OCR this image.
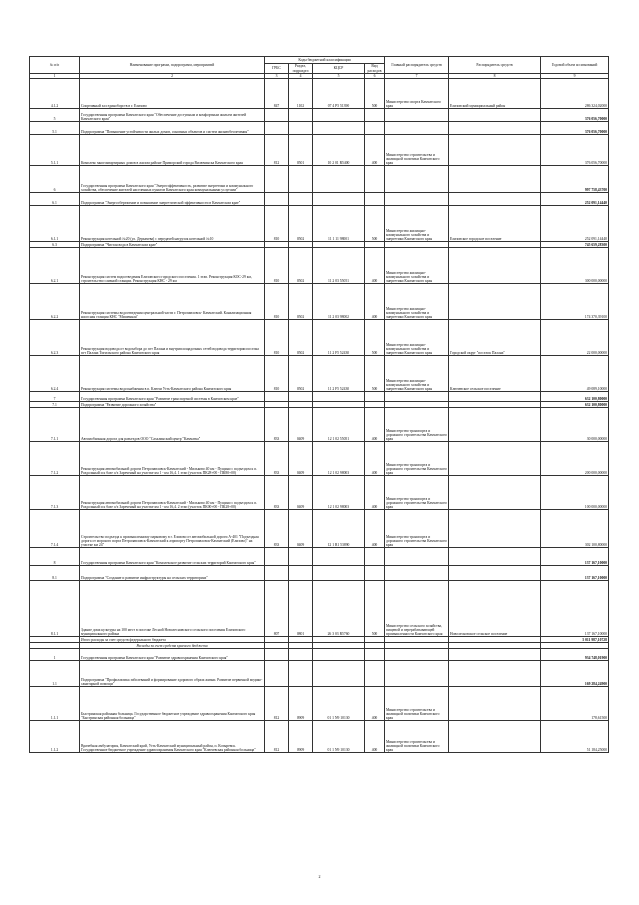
№ п/п	Наименование программ, подпрограмм, мероприятий	Коды бюджетной классификации				Главный распорядитель средств	Распорядитель средств	Годовой объем ассигнований
		ГРБС	Раздел, подраздел	КЦСР	Вид расходов			
1	2	3	4	5	6	7	8	9
4.1.2	Спортивный зал единоборств в г. Елизово	847	1102	07 4 P5 51390	500	Министерство спорта Камчатского края	Елизовский муниципальный район	286 324,02000
5	Государственная программа Камчатского края "Обеспечение доступным и комфортным жильем жителей Камчатского края"							376 056,70000
5.1	Подпрограмма "Повышение устойчивости жилых домов, основных объектов и систем жизнеобеспечения"							376 056,70000
5.1.1	Комплекс многоквартирных домов в жилом районе Приморский города Вилючинска Камчатского края	812	0501	10 2 01 R5400	400	Министерство строительства и жилищной политики Камчатского края		376 056,70000
6	Государственная программа Камчатского края "Энергоэффективность, развитие энергетики и коммунального хозяйства, обеспечение жителей населенных пунктов Камчатского края коммунальными услугами"							997 758,43700
6.1	Подпрограмма "Энергосбережение и повышение энергетической эффективности в Камчатском крае"							252 091,14440
6.1.1	Реконструкция котельной №20 (ул. Деркачева) с передачей нагрузок котельной №10	810	0502	11 1 11 98001	500	Министерство жилищно-коммунального хозяйства и энергетики Камчатского края	Елизовское городское поселение	252 091,14440
6.3	Подпрограмма "Чистая вода в Камчатском крае"							745 659,28300
6.2.1	Реконструкция систем водоотведения Елизовского городского поселения. 1 этап. Реконструкция КОС-29 км, строительство сливной станции. Реконструкция КНС - 29 км	810	0502	11 2 03 55051	400	Министерство жилищно-коммунального хозяйства и энергетики Камчатского края		300 000,00000
6.2.2	Реконструкция системы водоотведения центральной части г. Петропавловск- Камчатский. Канализационная насосная станция КНС "Мишенная"	810	0502	11 2 03 98002	400	Министерство жилищно-коммунального хозяйства и энергетики Камчатского края		174 370,39100
6.2.3	Реконструкция водовода от водозабора до пгт Палана и внутриплощадочных сетей водовода территории поселка пгт Палана Тигильского района Камчатского края	810	0502	11 2 F5 52430	500	Министерство жилищно-коммунального хозяйства и энергетики Камчатского края	Городской округ "поселок Палана"	22 000,00000
6.2.4	Реконструкция системы водоснабжения в п. Ключи Усть-Камчатского района Камчатского края	810	0502	11 2 F5 52430	500	Министерство жилищно-коммунального хозяйства и энергетики Камчатского края	Ключевское сельское поселение	49 089,10000
7	Государственная программа Камчатского края "Развитие транспортной системы в Камчатском крае"							632 100,80000
7.1	Подпрограмма "Развитие дорожного хозяйства"							632 100,80000
7.1.1	Автомобильная дорога для разъездов ООО "Сахалинский центр "Камчатка"	833	0409	12 1 02 55051	400	Министерство транспорта и дорожного строительства Камчатского края		30 000,00000
7.1.2	Реконструкция автомобильной дороги Петропавловск-Камчатский - Мильково 40 км - Пущино с подъездом к п. Раздольный и к базе о/х Зареченый на участке км 1 - км 16,4. 1 этап (участок ПК28+00 - ПК80+00)	833	0409	12 1 02 98003	400	Министерство транспорта и дорожного строительства Камчатского края		200 000,00000
7.1.3	Реконструкция автомобильной дороги Петропавловск-Камчатский - Мильково 40 км - Пущино с подъездом к п. Раздольный и к базе о/х Зареченый на участке км 1 - км 16,4. 2 этап (участок ПК00+00 - ПК28+00)	833	0409	12 1 02 98003	400	Министерство транспорта и дорожного строительства Камчатского края		100 000,00000
7.1.4	Строительство подъезда к промышленному парковому в г. Елизово от автомобильной дороги А-401 "Подъездная дорога от морского порта Петропавловск-Камчатский к аэропорту Петропавловск-Камчатский (Елизово)" на участке км 24"	833	0409	12 1 R1 53890	400	Министерство транспорта и дорожного строительства Камчатского края		302 100,80000
8	Государственная программа Камчатского края "Комплексное развитие сельских территорий Камчатского края"							137 167,10000
8.1	Подпрограмма "Создание и развитие инфраструктуры на сельских территориях"							137 167,10000
8.1.1	Здание дома культуры на 100 мест в поселке Лесной Новолесновского сельского поселения Елизовского муниципального района	807	0801	26 3 03 R5760	500	Министерство сельского хозяйства, пищевой и перерабатывающей промышленности Камчатского края	Новолесновское сельское поселение	137 167,10000
	Итого расходы за счет средств федерального бюджета							5 011 987,10728
	Расходы за счет средств краевого бюджета							
1	Государственная программа Камчатского края "Развитие здравоохранения Камчатского края"							934 748,01900
1.1	Подпрограмма "Профилактика заболеваний и формирование здорового образа жизни. Развитие первичной медико-санитарной помощи"							169 284,24900
1.1.1	Быстринская районная больница. Государственное бюджетное учреждение здравоохранения Камчатского края "Быстринская районная больница"	812	0909	01 1 N9 10130	400	Министерство строительства и жилищной политики Камчатского края		178,61500
1.1.2	Врачебная амбулатория, Камчатский край, Усть-Камчатский муниципальный район, п. Козыревск. Государственное бюджетное учреждение здравоохранения Камчатского края "Ключевская районная больница"	812	0909	01 1 N9 10130	400	Министерство строительства и жилищной политики Камчатского края		51 184,25000
2
